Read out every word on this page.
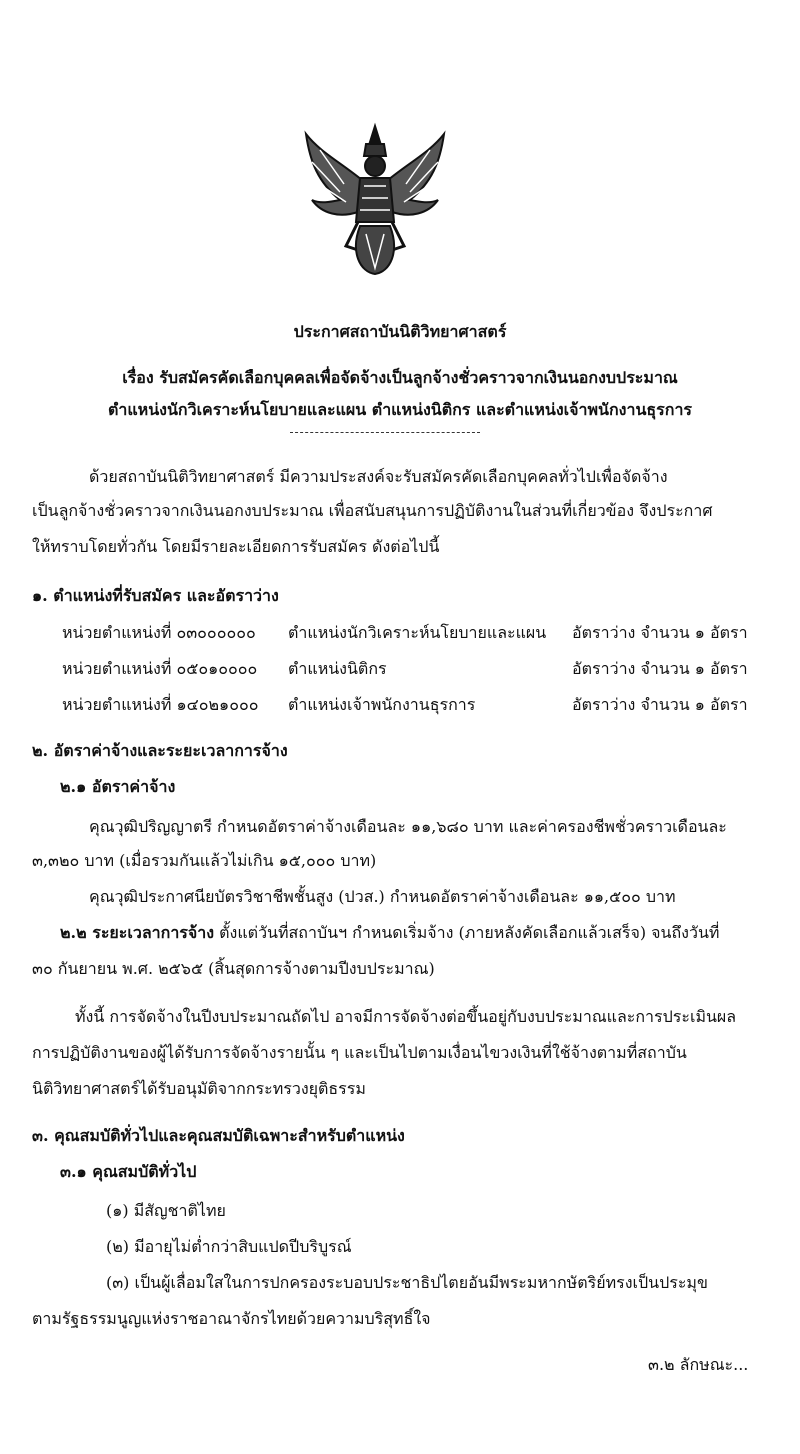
ประกาศสถาบันนิติวิทยาศาสตร์
เรื่อง รับสมัครคัดเลือกบุคคลเพื่อจัดจ้างเป็นลูกจ้างชั่วคราวจากเงินนอกงบประมาณ
ตำแหน่งนักวิเคราะห์นโยบายและแผน ตำแหน่งนิติกร และตำแหน่งเจ้าพนักงานธุรการ
ด้วยสถาบันนิติวิทยาศาสตร์ มีความประสงค์จะรับสมัครคัดเลือกบุคคลทั่วไปเพื่อจัดจ้าง
เป็นลูกจ้างชั่วคราวจากเงินนอกงบประมาณ เพื่อสนับสนุนการปฏิบัติงานในส่วนที่เกี่ยวข้อง จึงประกาศ
ให้ทราบโดยทั่วกัน โดยมีรายละเอียดการรับสมัคร ดังต่อไปนี้
๑. ตำแหน่งที่รับสมัคร และอัตราว่าง
หน่วยตำแหน่งที่ ๐๓๐๐๐๐๐๐ ตำแหน่งนักวิเคราะห์นโยบายและแผน อัตราว่าง จำนวน ๑ อัตรา
หน่วยตำแหน่งที่ ๐๕๐๑๐๐๐๐ ตำแหน่งนิติกร	อัตราว่าง จำนวน ๑ อัตรา
หน่วยตำแหน่งที่ ๑๔๐๒๑๐๐๐ ตำแหน่งเจ้าพนักงานธุรการ	อัตราว่าง จำนวน ๑ อัตรา
๒. อัตราค่าจ้างและระยะเวลาการจ้าง
๒.๑ อัตราค่าจ้าง
คุณวุฒิปริญญาตรี กำหนดอัตราค่าจ้างเดือนละ ๑๑,๖๘๐ บาท และค่าครองชีพชั่วคราวเดือนละ
๓,๓๒๐ บาท (เมื่อรวมกันแล้วไม่เกิน ๑๕,๐๐๐ บาท)
คุณวุฒิประกาศนียบัตรวิชาชีพชั้นสูง (ปวส.) กำหนดอัตราค่าจ้างเดือนละ ๑๑,๕๐๐ บาท
๒.๒ ระยะเวลาการจ้าง ตั้งแต่วันที่สถาบันฯ กำหนดเริ่มจ้าง (ภายหลังคัดเลือกแล้วเสร็จ) จนถึงวันที่
๓๐ กันยายน พ.ศ. ๒๕๖๕ (สิ้นสุดการจ้างตามปีงบประมาณ)
ทั้งนี้ การจัดจ้างในปีงบประมาณถัดไป อาจมีการจัดจ้างต่อขึ้นอยู่กับงบประมาณและการประเมินผล
การปฏิบัติงานของผู้ได้รับการจัดจ้างรายนั้น ๆ และเป็นไปตามเงื่อนไขวงเงินที่ใช้จ้างตามที่สถาบัน
นิติวิทยาศาสตร์ได้รับอนุมัติจากกระทรวงยุติธรรม
๓. คุณสมบัติทั่วไปและคุณสมบัติเฉพาะสำหรับตำแหน่ง
๓.๑ คุณสมบัติทั่วไป
(๑) มีสัญชาติไทย
(๒) มีอายุไม่ต่ำกว่าสิบแปดปีบริบูรณ์
(๓) เป็นผู้เลื่อมใสในการปกครองระบอบประชาธิปไตยอันมีพระมหากษัตริย์ทรงเป็นประมุข
ตามรัฐธรรมนูญแห่งราชอาณาจักรไทยด้วยความบริสุทธิ์ใจ
๓.๒ ลักษณะ...
